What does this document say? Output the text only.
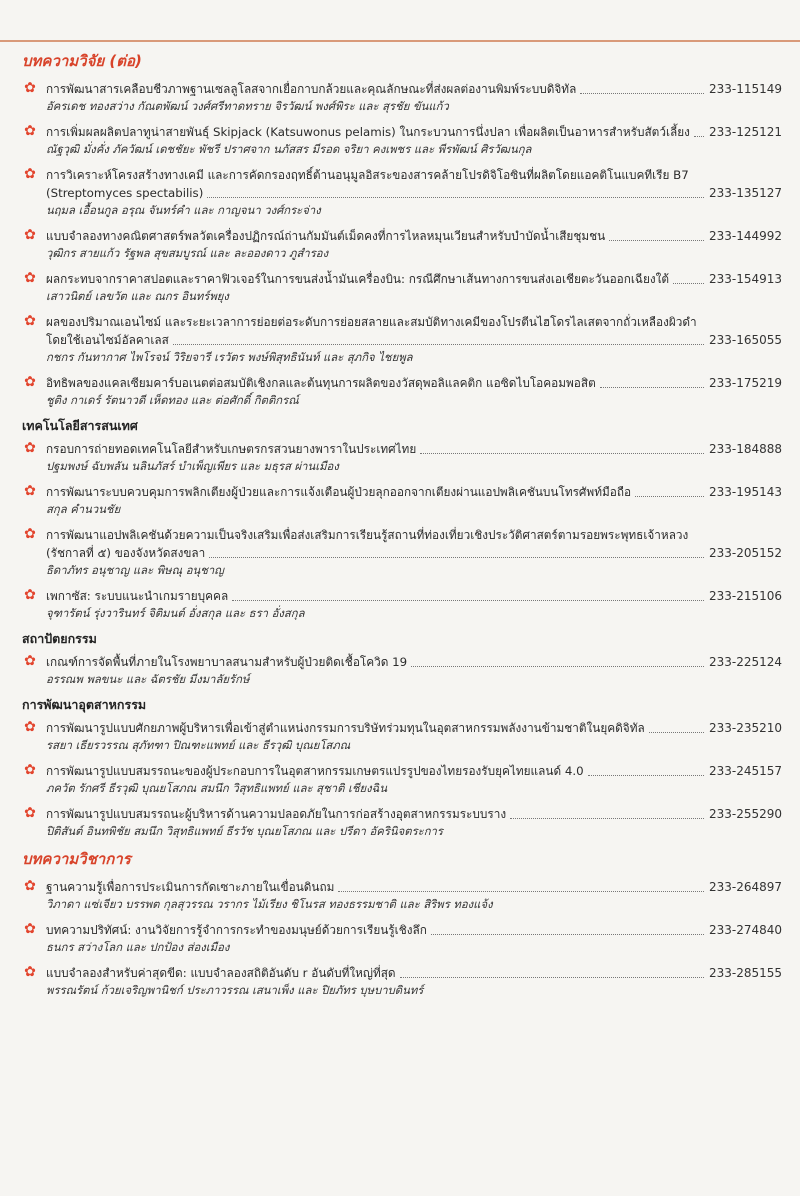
บทความวิจัย (ต่อ)
✿ การพัฒนาสารเคลือบชีวภาพฐานเซลลูโลสจากเยื่อกาบกล้วยและคุณลักษณะที่ส่งผลต่องานพิมพ์ระบบดิจิทัล	233-115149
อัครเดช ทองสว่าง กัณตพัฒน์ วงศ์ศรีทาดทราย จิรวัฒน์ พงศ์พิระ และ สุรชัย ขันแก้ว
✿ การเพิ่มผลผลิตปลาทูน่าสายพันธุ์ Skipjack (Katsuwonus pelamis) ในกระบวนการนึ่งปลา เพื่อผลิตเป็นอาหารสำหรับสัตว์เลี้ยง 233-125121
ณัฐวุฒิ มั่งคั่ง ภัควัฒน์ เดชชัยะ พัชรี ปราศจาก นภัสสร มีรอด จริยา คงเพชร และ พีรพัฒน์ ศิรวัฒนกุล
✿ การวิเคราะห์โครงสร้างทางเคมี และการคัดกรองฤทธิ์ต้านอนุมูลอิสระของสารคล้ายโปรดิจิโอซินที่ผลิตโดยแอคติโนแบคทีเรีย B7
(Streptomyces spectabilis)	233-135127
นฤมล เอื้อนกูล อรุณ จันทร์คำ และ กาญจนา วงศ์กระจ่าง
✿ แบบจำลองทางคณิตศาสตร์พลวัตเครื่องปฏิกรณ์ถ่านกัมมันต์เม็ดคงที่การไหลหมุนเวียนสำหรับบำบัดน้ำเสียชุมชน	233-144992
วุฒิกร สายแก้ว รัฐพล สุขสมบูรณ์ และ ละอองดาว ภูสำรอง
✿ ผลกระทบจากราคาสปอตและราคาฟิวเจอร์ในการขนส่งน้ำมันเครื่องบิน: กรณีศึกษาเส้นทางการขนส่งเอเชียตะวันออกเฉียงใต้	233-154913
เสาวนิตย์ เลขวัต และ ณกร อินทร์พยุง
✿ ผลของปริมาณเอนไซม์ และระยะเวลาการย่อยต่อระดับการย่อยสลายและสมบัติทางเคมีของโปรตีนไฮโดรไลเสตจากถั่วเหลืองผิวดำ
โดยใช้เอนไซม์อัลคาเลส	233-165055
กชกร กันทากาศ ไพโรจน์ วิริยจารี เรวัตร พงษ์พิสุทธินันท์ และ สุภกิจ ไชยพูล
✿ อิทธิพลของแคลเซียมคาร์บอเนตต่อสมบัติเชิงกลและต้นทุนการผลิตของวัสดุพอลิแลคติก แอซิดไบโอคอมพอสิต	233-175219
ชูติง กาเดร์ รัตนาวดี เห็ดทอง และ ต่อศักดิ์ กิตติกรณ์
เทคโนโลยีสารสนเทศ
✿ กรอบการถ่ายทอดเทคโนโลยีสำหรับเกษตรกรสวนยางพาราในประเทศไทย	233-184888
ปฐมพงษ์ ฉับพลัน นลินภัสร์ บำเพ็ญเพียร และ มธุรส ผ่านเมือง
✿ การพัฒนาระบบควบคุมการพลิกเตียงผู้ป่วยและการแจ้งเตือนผู้ป่วยลุกออกจากเตียงผ่านแอปพลิเคชันบนโทรศัพท์มือถือ	233-195143
สกุล คำนวนชัย
✿ การพัฒนาแอปพลิเคชันด้วยความเป็นจริงเสริมเพื่อส่งเสริมการเรียนรู้สถานที่ท่องเที่ยวเชิงประวัติศาสตร์ตามรอยพระพุทธเจ้าหลวง
(รัชกาลที่ ๕) ของจังหวัดสงขลา	233-205152
ธิดาภัทร อนุชาญ และ พิษณุ อนุชาญ
✿ เพกาซัส: ระบบแนะนำเกมรายบุคคล	233-215106
จุฑารัตน์ รุ่งวารินทร์ จิติมนต์ อั่งสกุล และ ธรา อั่งสกุล
สถาปัตยกรรม
✿ เกณฑ์การจัดพื้นที่ภายในโรงพยาบาลสนามสำหรับผู้ป่วยติดเชื้อโควิด 19	233-225124
อรรณพ พลขนะ และ ฉัตรชัย มีงมาลัยรักษ์
การพัฒนาอุตสาหกรรม
✿ การพัฒนารูปแบบศักยภาพผู้บริหารเพื่อเข้าสู่ตำแหน่งกรรมการบริษัทร่วมทุนในอุตสาหกรรมพลังงานข้ามชาติในยุคดิจิทัล	233-235210
รสยา เธียรวรรณ สุภัทฑา ปิณฑะแพทย์ และ ธีรวุฒิ บุณยโสภณ
✿ การพัฒนารูปแบบสมรรถนะของผู้ประกอบการในอุตสาหกรรมเกษตรแปรรูปของไทยรองรับยุคไทยแลนด์ 4.0	233-245157
ภควัต รักศรี ธีรวุฒิ บุณยโสภณ สมนึก วิสุทธิแพทย์ และ สุชาติ เชียงฉิน
✿ การพัฒนารูปแบบสมรรถนะผู้บริหารด้านความปลอดภัยในการก่อสร้างอุตสาหกรรมระบบราง	233-255290
ปิติสันต์ อินทพิชัย สมนึก วิสุทธิแพทย์ ธีรวัช บุณยโสภณ และ ปรีดา อัครินิจตระการ
บทความวิชาการ
✿ ฐานความรู้เพื่อการประเมินการกัดเซาะภายในเขื่อนดินถม	233-264897
วิภาดา แซ่เจียว บรรพต กุลสุวรรณ วรากร ไม้เรียง ชิโนรส ทองธรรมชาติ และ สิริพร ทองแจ้ง
✿ บทความปริทัศน์: งานวิจัยการรู้จำการกระทำของมนุษย์ด้วยการเรียนรู้เชิงลึก	233-274840
ธนกร สว่างโลก และ ปกป้อง ส่องเมือง
✿ แบบจำลองสำหรับค่าสุดขีด: แบบจำลองสถิติอันดับ r อันดับที่ใหญ่ที่สุด	233-285155
พรรณรัตน์ ก้วยเจริญพานิชก์ ประภาวรรณ เสนาเพ็ง และ ปิยภัทร บุษบาบดินทร์
